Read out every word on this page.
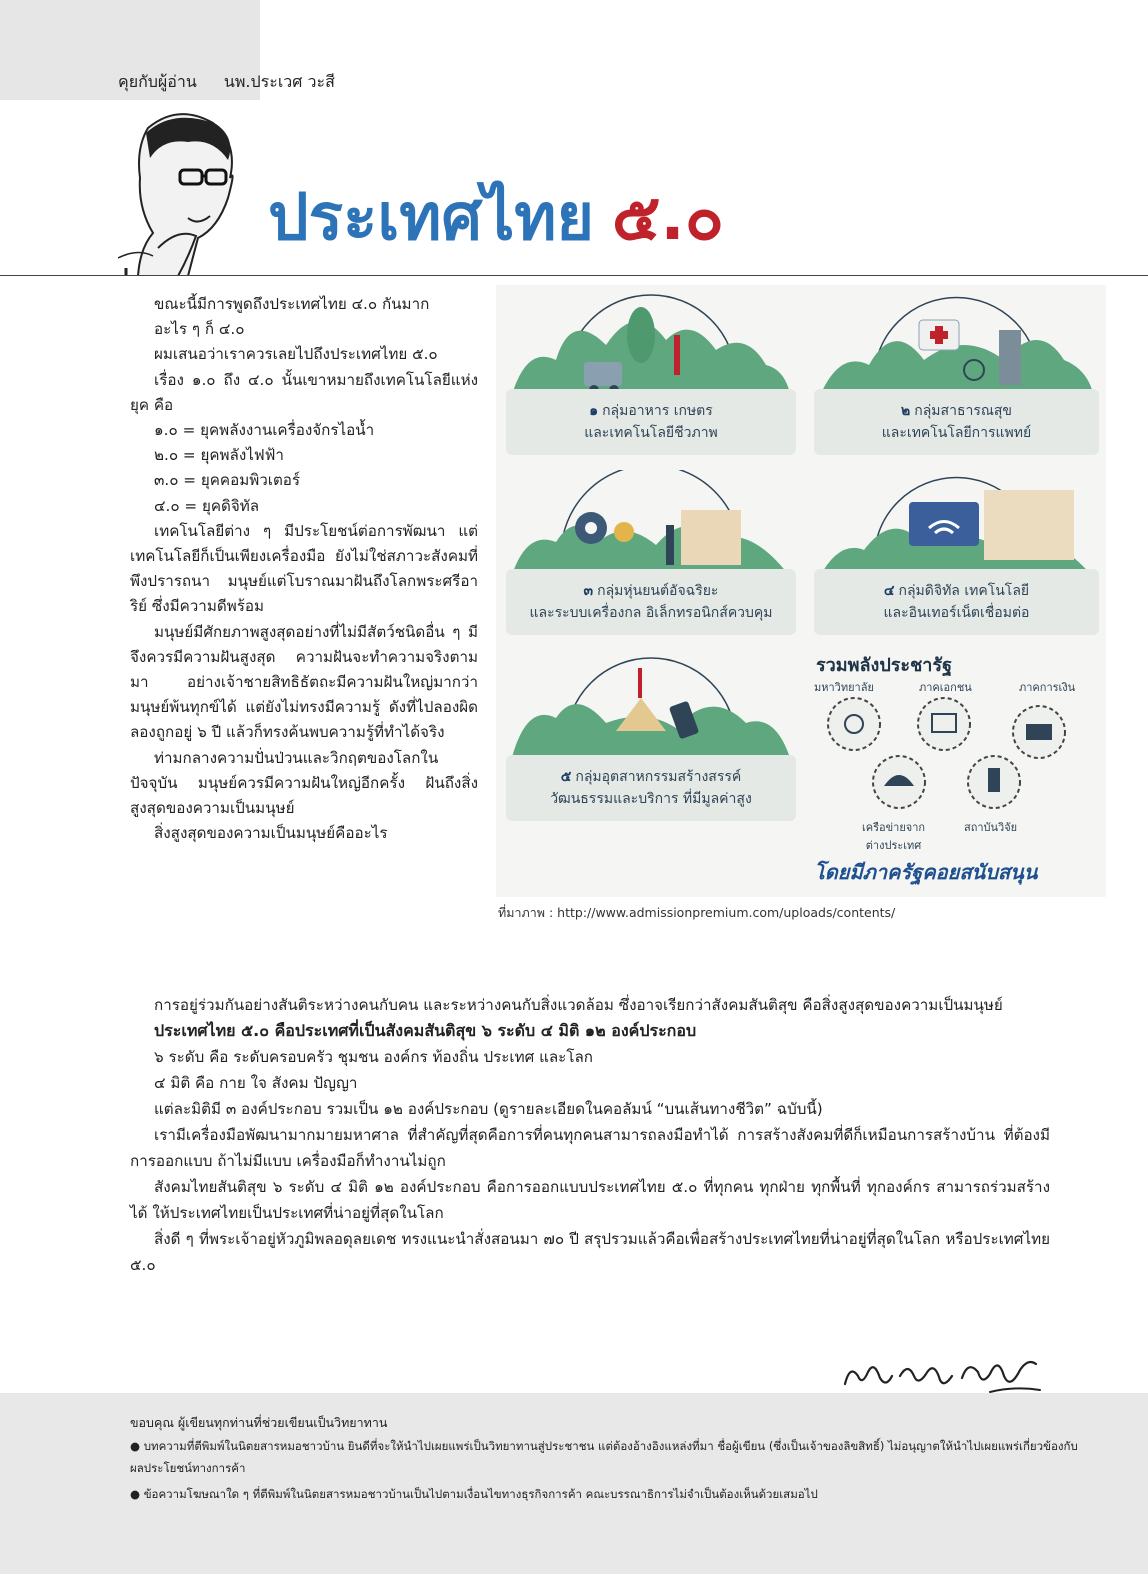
คุยกับผู้อ่าน นพ.ประเวศ วะสี
ประเทศไทย ๕.๐

ขณะนี้มีการพูดถึงประเทศไทย ๔.๐ กันมาก

อะไร ๆ ก็ ๔.๐

ผมเสนอว่าเราควรเลยไปถึงประเทศไทย ๕.๐

เรื่อง ๑.๐ ถึง ๔.๐ นั้นเขาหมายถึงเทคโนโลยีแห่งยุค คือ

๑.๐ = ยุคพลังงานเครื่องจักรไอน้ำ

๒.๐ = ยุคพลังไฟฟ้า

๓.๐ = ยุคคอมพิวเตอร์

๔.๐ = ยุคดิจิทัล

เทคโนโลยีต่าง ๆ มีประโยชน์ต่อการพัฒนา แต่เทคโนโลยีก็เป็นเพียงเครื่องมือ ยังไม่ใช่สภาวะสังคมที่พึงปรารถนา มนุษย์แต่โบราณมาฝันถึงโลกพระศรีอาริย์ ซึ่งมีความดีพร้อม

มนุษย์มีศักยภาพสูงสุดอย่างที่ไม่มีสัตว์ชนิดอื่น ๆ มี จึงควรมีความฝันสูงสุด ความฝันจะทำความจริงตามมา อย่างเจ้าชายสิทธิธัตถะมีความฝันใหญ่มากว่ามนุษย์พ้นทุกข์ได้ แต่ยังไม่ทรงมีความรู้ ดังที่ไปลองผิดลองถูกอยู่ ๖ ปี แล้วก็ทรงค้นพบความรู้ที่ทำได้จริง

ท่ามกลางความปั่นป่วนและวิกฤตของโลกในปัจจุบัน มนุษย์ควรมีความฝันใหญ่อีกครั้ง ฝันถึงสิ่งสูงสุดของความเป็นมนุษย์

สิ่งสูงสุดของความเป็นมนุษย์คืออะไร

๑ กลุ่มอาหาร เกษตร
และเทคโนโลยีชีวภาพ
๒ กลุ่มสาธารณสุข
และเทคโนโลยีการแพทย์
๓ กลุ่มหุ่นยนต์อัจฉริยะ
และระบบเครื่องกล อิเล็กทรอนิกส์ควบคุม
๔ กลุ่มดิจิทัล เทคโนโลยี
และอินเทอร์เน็ตเชื่อมต่อ
๕ กลุ่มอุตสาหกรรมสร้างสรรค์
วัฒนธรรมและบริการ ที่มีมูลค่าสูง
รวมพลังประชารัฐ
มหาวิทยาลัย	ภาคเอกชน	ภาคการเงิน
เครือข่ายจาก
ต่างประเทศ
สถาบันวิจัย
โดยมีภาครัฐคอยสนับสนุน
ที่มาภาพ : http://www.admissionpremium.com/uploads/contents/

การอยู่ร่วมกันอย่างสันติระหว่างคนกับคน และระหว่างคนกับสิ่งแวดล้อม ซึ่งอาจเรียกว่าสังคมสันติสุข คือสิ่งสูงสุดของความเป็นมนุษย์

ประเทศไทย ๕.๐ คือประเทศที่เป็นสังคมสันติสุข ๖ ระดับ ๔ มิติ ๑๒ องค์ประกอบ

๖ ระดับ คือ ระดับครอบครัว ชุมชน องค์กร ท้องถิ่น ประเทศ และโลก

๔ มิติ คือ กาย ใจ สังคม ปัญญา

แต่ละมิติมี ๓ องค์ประกอบ รวมเป็น ๑๒ องค์ประกอบ (ดูรายละเอียดในคอลัมน์ “บนเส้นทางชีวิต” ฉบับนี้)

เรามีเครื่องมือพัฒนามากมายมหาศาล ที่สำคัญที่สุดคือการที่คนทุกคนสามารถลงมือทำได้ การสร้างสังคมที่ดีก็เหมือนการสร้างบ้าน ที่ต้องมีการออกแบบ ถ้าไม่มีแบบ เครื่องมือก็ทำงานไม่ถูก

สังคมไทยสันติสุข ๖ ระดับ ๔ มิติ ๑๒ องค์ประกอบ คือการออกแบบประเทศไทย ๕.๐ ที่ทุกคน ทุกฝ่าย ทุกพื้นที่ ทุกองค์กร สามารถร่วมสร้างได้ ให้ประเทศไทยเป็นประเทศที่น่าอยู่ที่สุดในโลก

สิ่งดี ๆ ที่พระเจ้าอยู่หัวภูมิพลอดุลยเดช ทรงแนะนำสั่งสอนมา ๗๐ ปี สรุปรวมแล้วคือเพื่อสร้างประเทศไทยที่น่าอยู่ที่สุดในโลก หรือประเทศไทย ๕.๐

ขอบคุณ ผู้เขียนทุกท่านที่ช่วยเขียนเป็นวิทยาทาน
● บทความที่ตีพิมพ์ในนิตยสารหมอชาวบ้าน ยินดีที่จะให้นำไปเผยแพร่เป็นวิทยาทานสู่ประชาชน แต่ต้องอ้างอิงแหล่งที่มา ชื่อผู้เขียน (ซึ่งเป็นเจ้าของลิขสิทธิ์) ไม่อนุญาตให้นำไปเผยแพร่เกี่ยวข้องกับผลประโยชน์ทางการค้า
● ข้อความโฆษณาใด ๆ ที่ตีพิมพ์ในนิตยสารหมอชาวบ้านเป็นไปตามเงื่อนไขทางธุรกิจการค้า คณะบรรณาธิการไม่จำเป็นต้องเห็นด้วยเสมอไป
